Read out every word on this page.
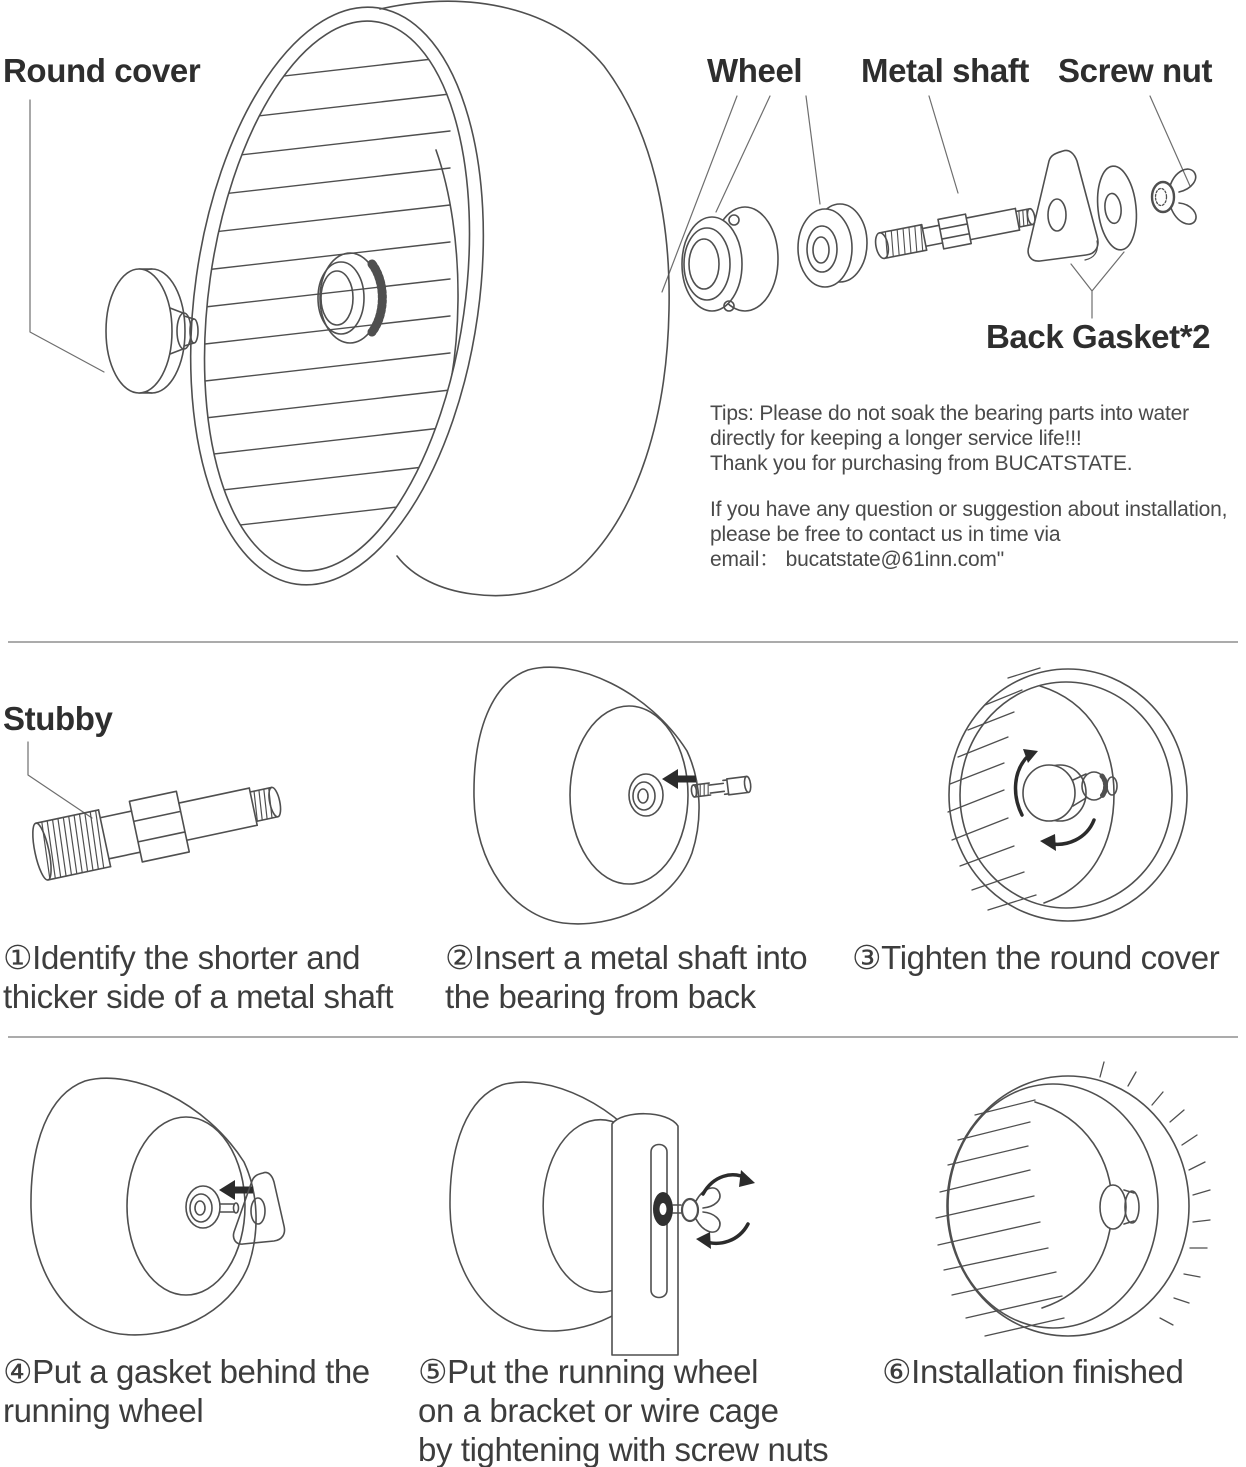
Round cover	Wheel Metal shaft Screw nut
Back Gasket*2
Tips: Please do not soak the bearing parts into water
directly for keeping a longer service life!!!
Thank you for purchasing from BUCATSTATE.
If you have any question or suggestion about installation,
please be free to contact us in time via
email： bucatstate@61inn.com"
Stubby
①Identify the shorter and
thicker side of a metal shaft
②Insert a metal shaft into
the bearing from back
③Tighten the round cover
④Put a gasket behind the
running wheel
⑤Put the running wheel
on a bracket or wire cage
by tightening with screw nuts
⑥Installation finished
